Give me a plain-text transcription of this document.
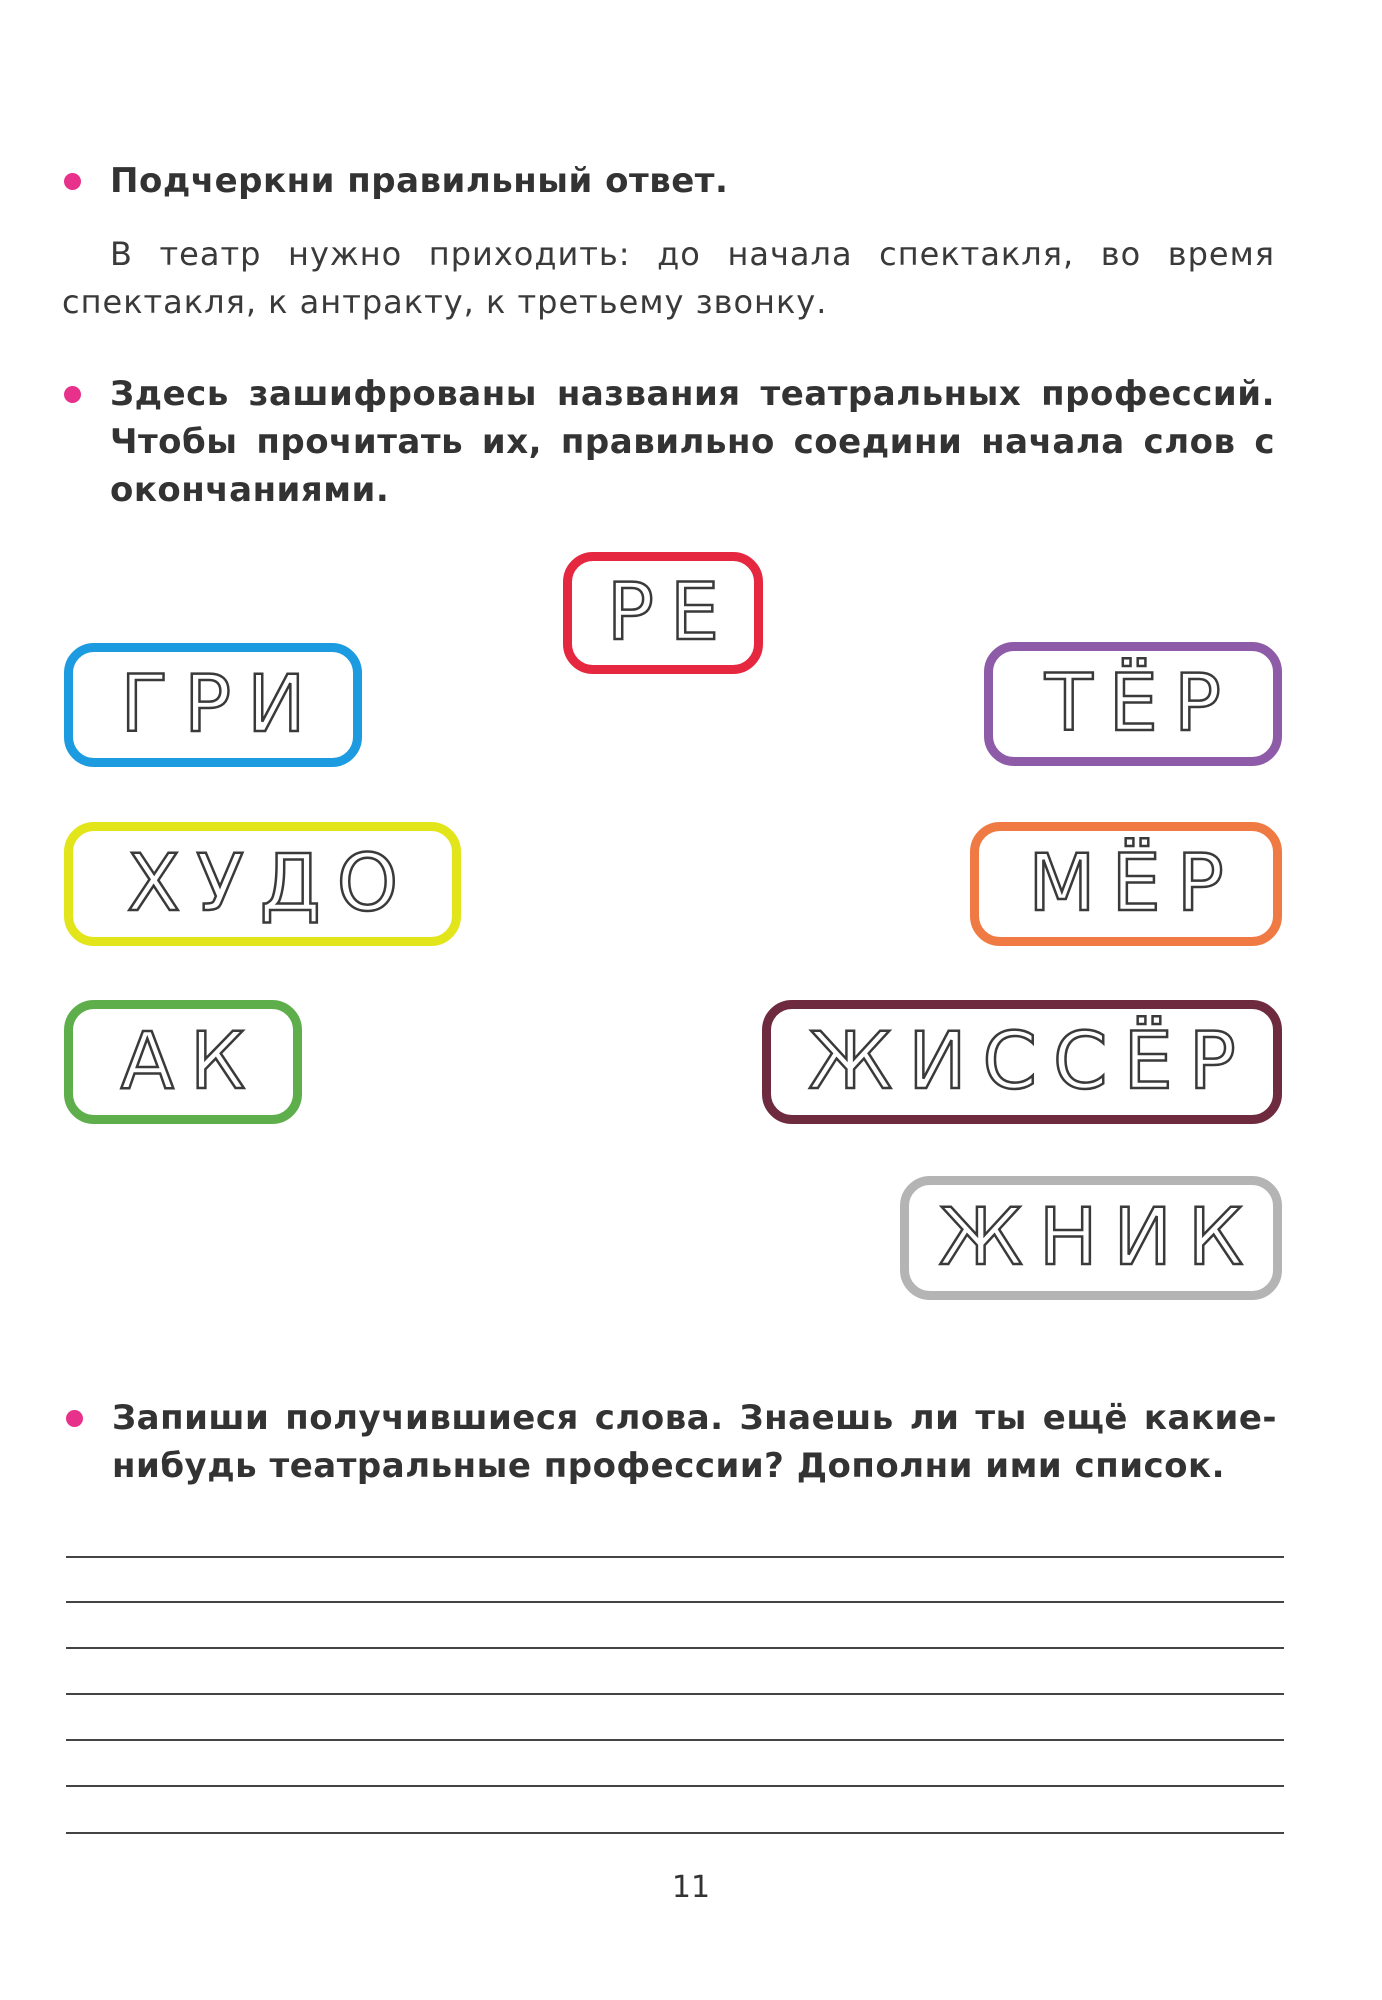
Подчеркни правильный ответ.
В театр нужно приходить: до начала спектакля, во время спектакля, к антракту, к третьему звонку.
Здесь зашифрованы названия театральных профессий. Чтобы прочитать их, правильно соедини начала слов с окончаниями.
РЕ
ГРИ	ТЁР
ХУДО	МЁР
АК	ЖИССЁР
ЖНИК
Запиши получившиеся слова. Знаешь ли ты ещё какие-нибудь театральные профессии? Дополни ими список.
11
